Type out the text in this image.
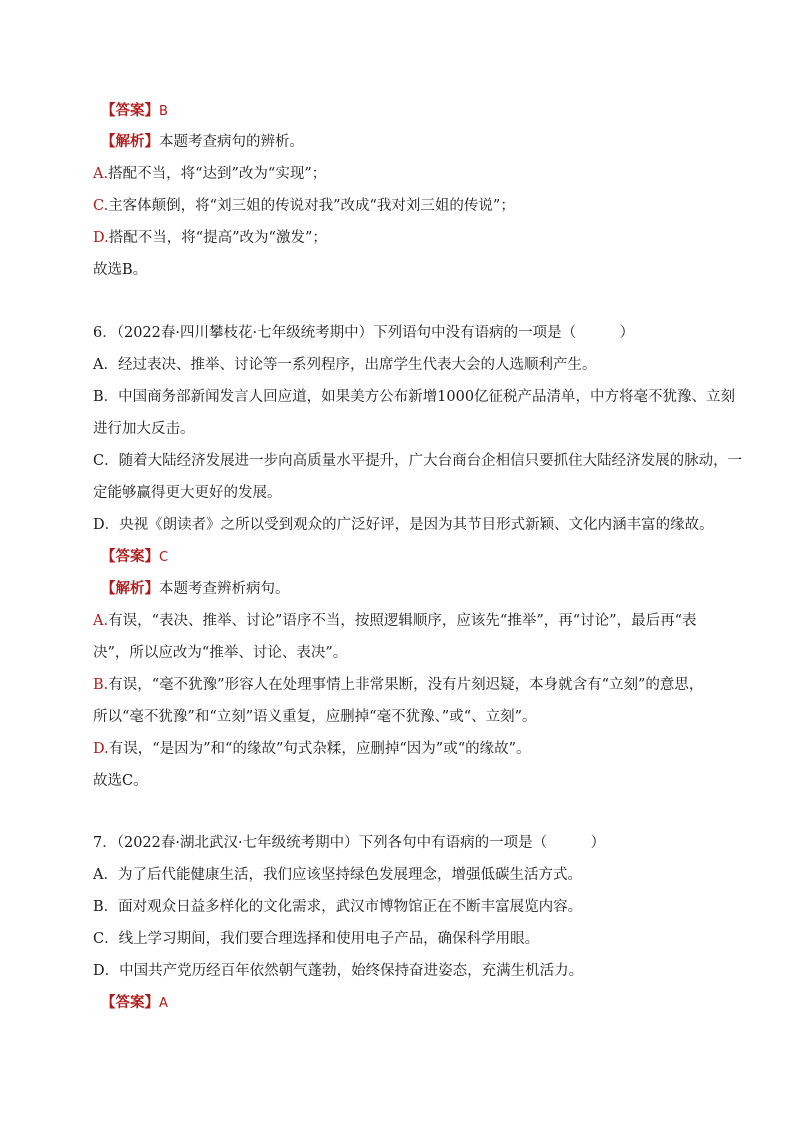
【答案】B
【解析】本题考查病句的辨析。
A.搭配不当，将“达到”改为“实现”；
C.主客体颠倒，将“刘三姐的传说对我”改成“我对刘三姐的传说”；
D.搭配不当，将“提高”改为“激发”；
故选B。
6．（2022春·四川攀枝花·七年级统考期中）下列语句中没有语病的一项是（　　　）
A．经过表决、推举、讨论等一系列程序，出席学生代表大会的人选顺利产生。
B．中国商务部新闻发言人回应道，如果美方公布新增1000亿征税产品清单，中方将毫不犹豫、立刻
进行加大反击。
C．随着大陆经济发展进一步向高质量水平提升，广大台商台企相信只要抓住大陆经济发展的脉动，一
定能够赢得更大更好的发展。
D．央视《朗读者》之所以受到观众的广泛好评，是因为其节目形式新颖、文化内涵丰富的缘故。
【答案】C
【解析】本题考查辨析病句。
A.有误，“表决、推举、讨论”语序不当，按照逻辑顺序，应该先“推举”，再“讨论”，最后再“表
决”，所以应改为“推举、讨论、表决”。
B.有误，“毫不犹豫”形容人在处理事情上非常果断，没有片刻迟疑，本身就含有“立刻”的意思，
所以“毫不犹豫”和“立刻”语义重复，应删掉“毫不犹豫、”或“、立刻”。
D.有误，“是因为”和“的缘故”句式杂糅，应删掉“因为”或“的缘故”。
故选C。
7．（2022春·湖北武汉·七年级统考期中）下列各句中有语病的一项是（　　　）
A．为了后代能健康生活，我们应该坚持绿色发展理念，增强低碳生活方式。
B．面对观众日益多样化的文化需求，武汉市博物馆正在不断丰富展览内容。
C．线上学习期间，我们要合理选择和使用电子产品，确保科学用眼。
D．中国共产党历经百年依然朝气蓬勃，始终保持奋进姿态，充满生机活力。
【答案】A
